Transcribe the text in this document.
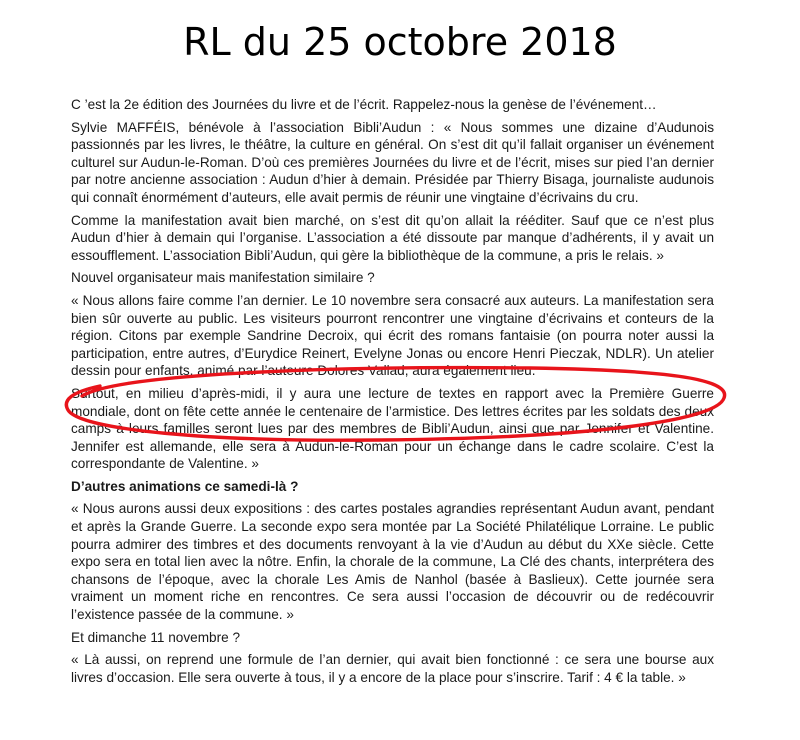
RL du 25 octobre 2018

C ’est la 2e édition des Journées du livre et de l’écrit. Rappelez-nous la genèse de l’événement…

Sylvie MAFFÉIS, bénévole à l’association Bibli’Audun : « Nous sommes une dizaine d’Audunois passionnés par les livres, le théâtre, la culture en général. On s’est dit qu’il fallait organiser un événement culturel sur Audun-le-Roman. D’où ces premières Journées du livre et de l’écrit, mises sur pied l’an dernier par notre ancienne association : Audun d’hier à demain. Présidée par Thierry Bisaga, journaliste audunois qui connaît énormément d’auteurs, elle avait permis de réunir une vingtaine d’écrivains du cru.

Comme la manifestation avait bien marché, on s’est dit qu’on allait la rééditer. Sauf que ce n’est plus Audun d’hier à demain qui l’organise. L’association a été dissoute par manque d’adhérents, il y avait un essoufflement. L’association Bibli’Audun, qui gère la bibliothèque de la commune, a pris le relais. »

Nouvel organisateur mais manifestation similaire ?

« Nous allons faire comme l’an dernier. Le 10 novembre sera consacré aux auteurs. La manifestation sera bien sûr ouverte au public. Les visiteurs pourront rencontrer une vingtaine d’écrivains et conteurs de la région. Citons par exemple Sandrine Decroix, qui écrit des romans fantaisie (on pourra noter aussi la participation, entre autres, d’Eurydice Reinert, Evelyne Jonas ou encore Henri Pieczak, NDLR). Un atelier dessin pour enfants, animé par l’auteure Dolores Vallad, aura également lieu.

Surtout, en milieu d’après-midi, il y aura une lecture de textes en rapport avec la Première Guerre mondiale, dont on fête cette année le centenaire de l’armistice. Des lettres écrites par les soldats des deux camps à leurs familles seront lues par des membres de Bibli’Audun, ainsi que par Jennifer et Valentine. Jennifer est allemande, elle sera à Audun-le-Roman pour un échange dans le cadre scolaire. C’est la correspondante de Valentine. »

D’autres animations ce samedi-là ?

« Nous aurons aussi deux expositions : des cartes postales agrandies représentant Audun avant, pendant et après la Grande Guerre. La seconde expo sera montée par La Société Philatélique Lorraine. Le public pourra admirer des timbres et des documents renvoyant à la vie d’Audun au début du XXe siècle. Cette expo sera en total lien avec la nôtre. Enfin, la chorale de la commune, La Clé des chants, interprétera des chansons de l’époque, avec la chorale Les Amis de Nanhol (basée à Baslieux). Cette journée sera vraiment un moment riche en rencontres. Ce sera aussi l’occasion de découvrir ou de redécouvrir l’existence passée de la commune. »

Et dimanche 11 novembre ?

« Là aussi, on reprend une formule de l’an dernier, qui avait bien fonctionné : ce sera une bourse aux livres d’occasion. Elle sera ouverte à tous, il y a encore de la place pour s’inscrire. Tarif : 4 € la table. »
